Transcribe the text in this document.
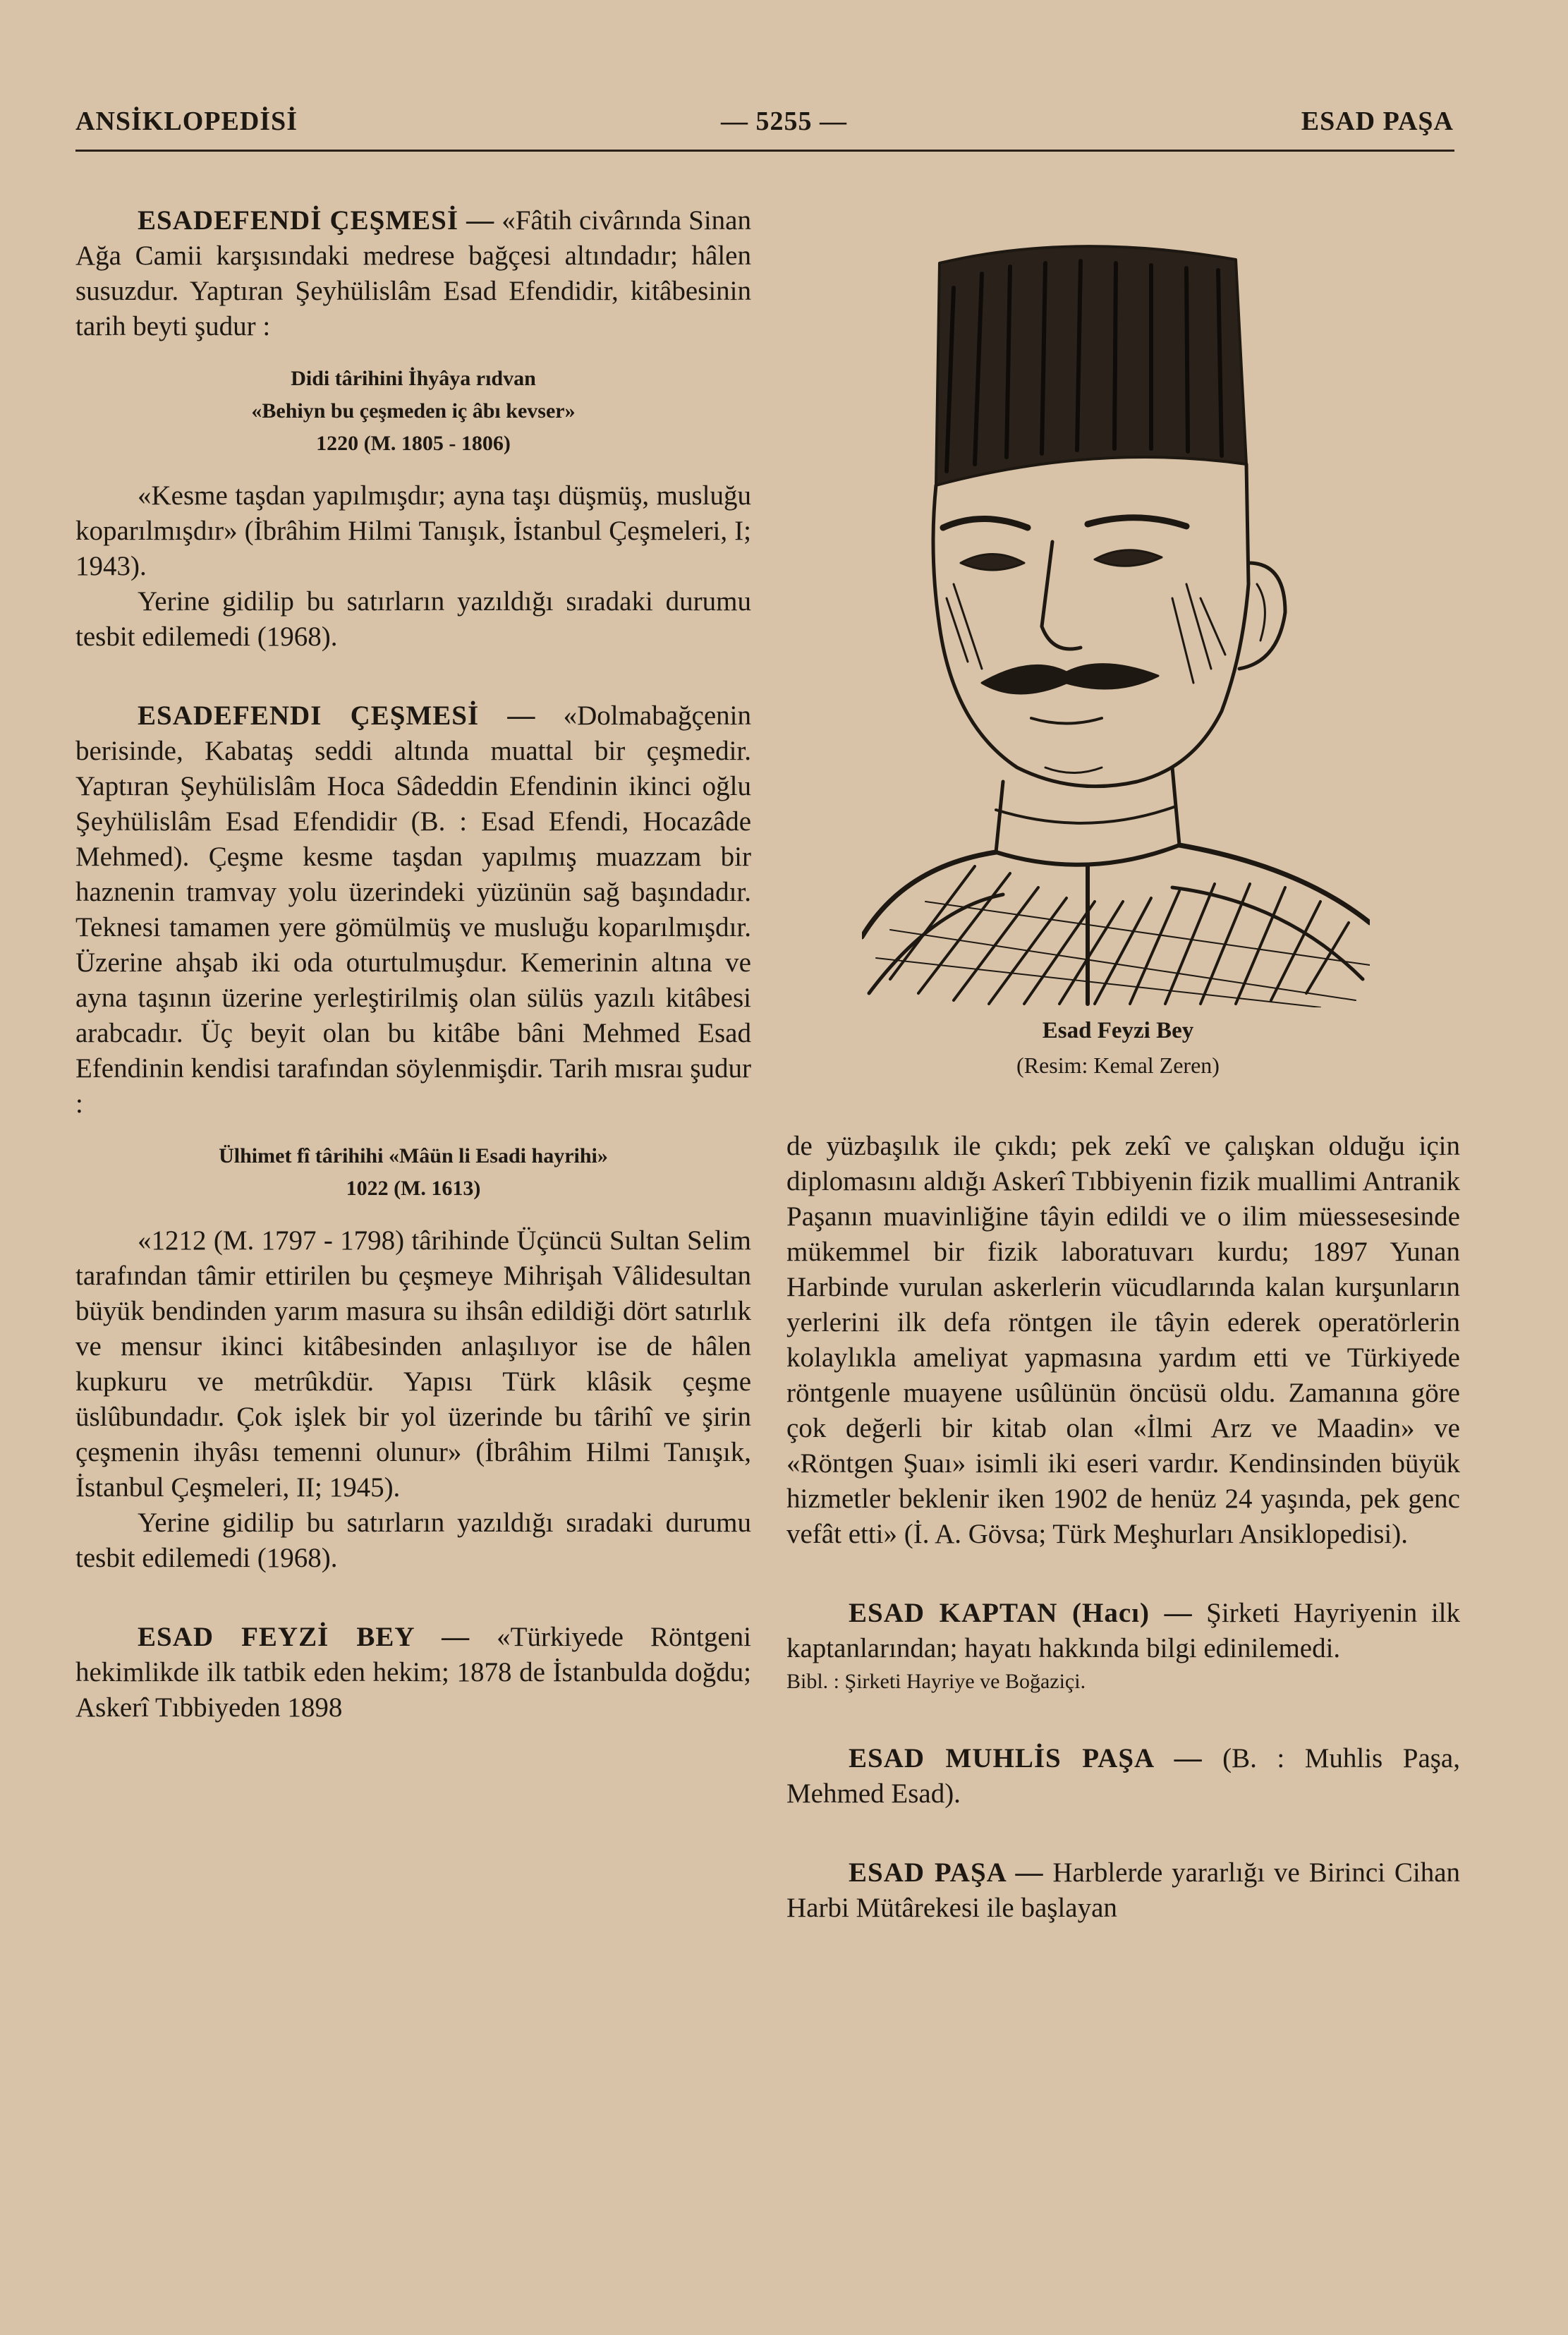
— 5255 —
ANSİKLOPEDİSİ	ESAD PAŞA

ESADEFENDİ ÇEŞMESİ — «Fâtih civârında Sinan Ağa Camii karşısındaki medrese bağçesi altındadır; hâlen susuzdur. Yaptıran Şeyhülislâm Esad Efendidir, kitâbesinin tarih beyti şudur :

Didi târihini İhyâya rıdvan

«Behiyn bu çeşmeden iç âbı kevser»

1220 (M. 1805 - 1806)

«Kesme taşdan yapılmışdır; ayna taşı düşmüş, musluğu koparılmışdır» (İbrâhim Hilmi Tanışık, İstanbul Çeşmeleri, I; 1943).

Yerine gidilip bu satırların yazıldığı sıradaki durumu tesbit edilemedi (1968).

ESADEFENDI ÇEŞMESİ — «Dolmabağçenin berisinde, Kabataş seddi altında muattal bir çeşmedir. Yaptıran Şeyhülislâm Hoca Sâdeddin Efendinin ikinci oğlu Şeyhülislâm Esad Efendidir (B. : Esad Efendi, Hocazâde Mehmed). Çeşme kesme taşdan yapılmış muazzam bir haznenin tramvay yolu üzerindeki yüzünün sağ başındadır. Teknesi tamamen yere gömülmüş ve musluğu koparılmışdır. Üzerine ahşab iki oda oturtulmuşdur. Kemerinin altına ve ayna taşının üzerine yerleştirilmiş olan sülüs yazılı kitâbesi arabcadır. Üç beyit olan bu kitâbe bâni Mehmed Esad Efendinin kendisi tarafından söylenmişdir. Tarih mısraı şudur :

Ülhimet fî târihihi «Mâün li Esadi hayrihi»

1022 (M. 1613)

«1212 (M. 1797 - 1798) târihinde Üçüncü Sultan Selim tarafından tâmir ettirilen bu çeşmeye Mihrişah Vâlidesultan büyük bendinden yarım masura su ihsân edildiği dört satırlık ve mensur ikinci kitâbesinden anlaşılıyor ise de hâlen kupkuru ve metrûkdür. Yapısı Türk klâsik çeşme üslûbundadır. Çok işlek bir yol üzerinde bu târihî ve şirin çeşmenin ihyâsı temenni olunur» (İbrâhim Hilmi Tanışık, İstanbul Çeşmeleri, II; 1945).

Yerine gidilip bu satırların yazıldığı sıradaki durumu tesbit edilemedi (1968).

ESAD FEYZİ BEY — «Türkiyede Röntgeni hekimlikde ilk tatbik eden hekim; 1878 de İstanbulda doğdu; Askerî Tıbbiyeden 1898

Esad Feyzi Bey
(Resim: Kemal Zeren)

de yüzbaşılık ile çıkdı; pek zekî ve çalışkan olduğu için diplomasını aldığı Askerî Tıbbiyenin fizik muallimi Antranik Paşanın muavinliğine tâyin edildi ve o ilim müessesesinde mükemmel bir fizik laboratuvarı kurdu; 1897 Yunan Harbinde vurulan askerlerin vücudlarında kalan kurşunların yerlerini ilk defa röntgen ile tâyin ederek operatörlerin kolaylıkla ameliyat yapmasına yardım etti ve Türkiyede röntgenle muayene usûlünün öncüsü oldu. Zamanına göre çok değerli bir kitab olan «İlmi Arz ve Maadin» ve «Röntgen Şuaı» isimli iki eseri vardır. Kendinsinden büyük hizmetler beklenir iken 1902 de henüz 24 yaşında, pek genc vefât etti» (İ. A. Gövsa; Türk Meşhurları Ansiklopedisi).

ESAD KAPTAN (Hacı) — Şirketi Hayriyenin ilk kaptanlarından; hayatı hakkında bilgi edinilemedi.

Bibl. : Şirketi Hayriye ve Boğaziçi.

ESAD MUHLİS PAŞA — (B. : Muhlis Paşa, Mehmed Esad).

ESAD PAŞA — Harblerde yararlığı ve Birinci Cihan Harbi Mütârekesi ile başlayan
